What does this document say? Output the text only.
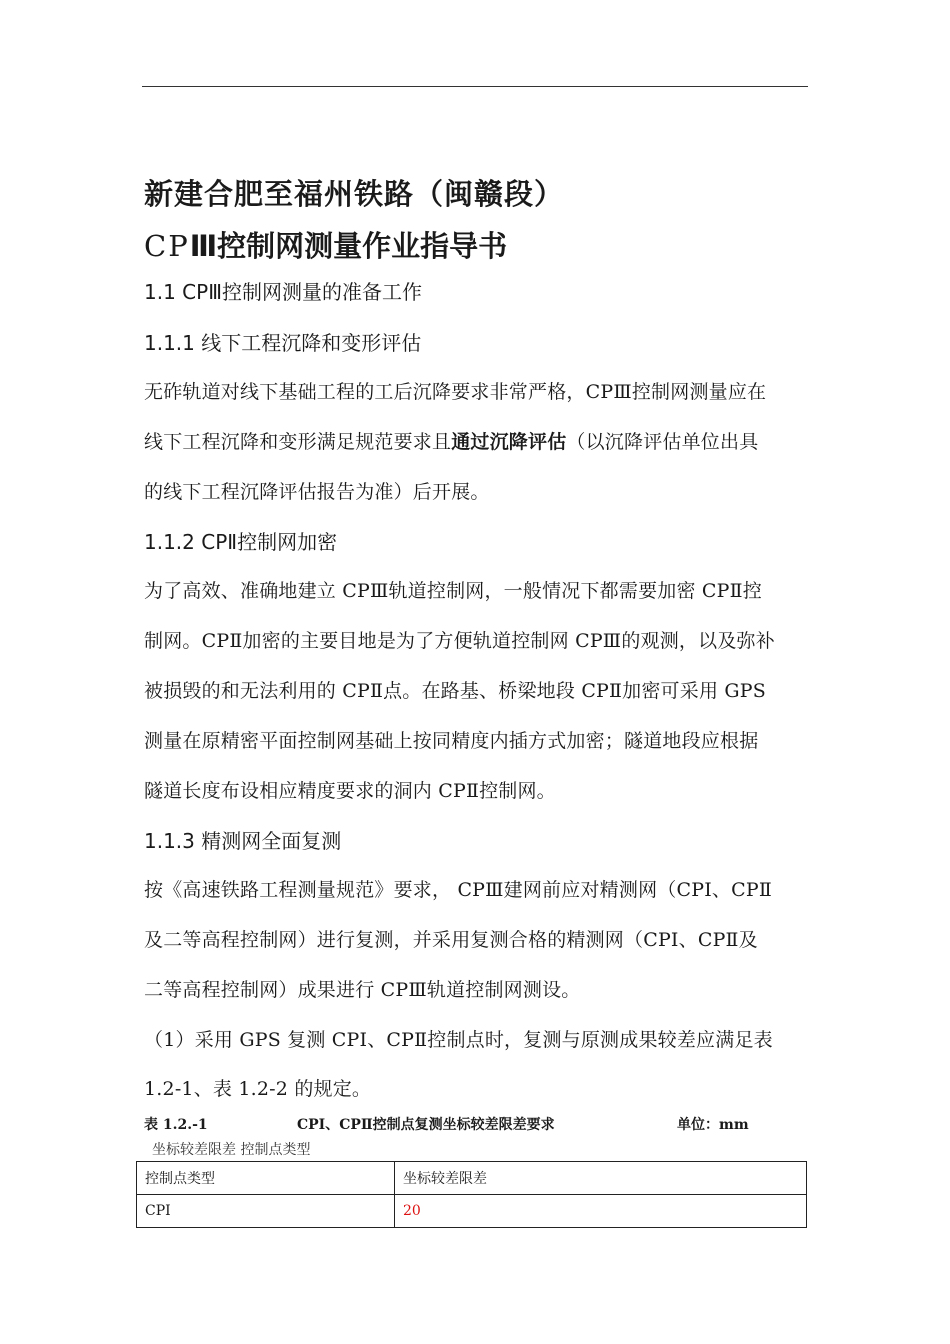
新建合肥至福州铁路（闽赣段）
CPⅢ控制网测量作业指导书
1.1 CPⅢ控制网测量的准备工作
1.1.1 线下工程沉降和变形评估
无砟轨道对线下基础工程的工后沉降要求非常严格，CPⅢ控制网测量应在
线下工程沉降和变形满足规范要求且通过沉降评估（以沉降评估单位出具
的线下工程沉降评估报告为准）后开展。
1.1.2 CPⅡ控制网加密
为了高效、准确地建立 CPⅢ轨道控制网，一般情况下都需要加密 CPⅡ控
制网。CPⅡ加密的主要目地是为了方便轨道控制网 CPⅢ的观测，以及弥补
被损毁的和无法利用的 CPⅡ点。在路基、桥梁地段 CPⅡ加密可采用 GPS
测量在原精密平面控制网基础上按同精度内插方式加密；隧道地段应根据
隧道长度布设相应精度要求的洞内 CPⅡ控制网。
1.1.3 精测网全面复测
按《高速铁路工程测量规范》要求， CPⅢ建网前应对精测网（CPI、CPⅡ
及二等高程控制网）进行复测，并采用复测合格的精测网（CPI、CPⅡ及
二等高程控制网）成果进行 CPⅢ轨道控制网测设。
（1）采用 GPS 复测 CPⅠ、CPⅡ控制点时，复测与原测成果较差应满足表
1.2-1、表 1.2-2 的规定。
表 1.2.-1	CPI、CPⅡ控制点复测坐标较差限差要求	单位：mm
坐标较差限差 控制点类型
控制点类型	坐标较差限差
CPⅠ	20
